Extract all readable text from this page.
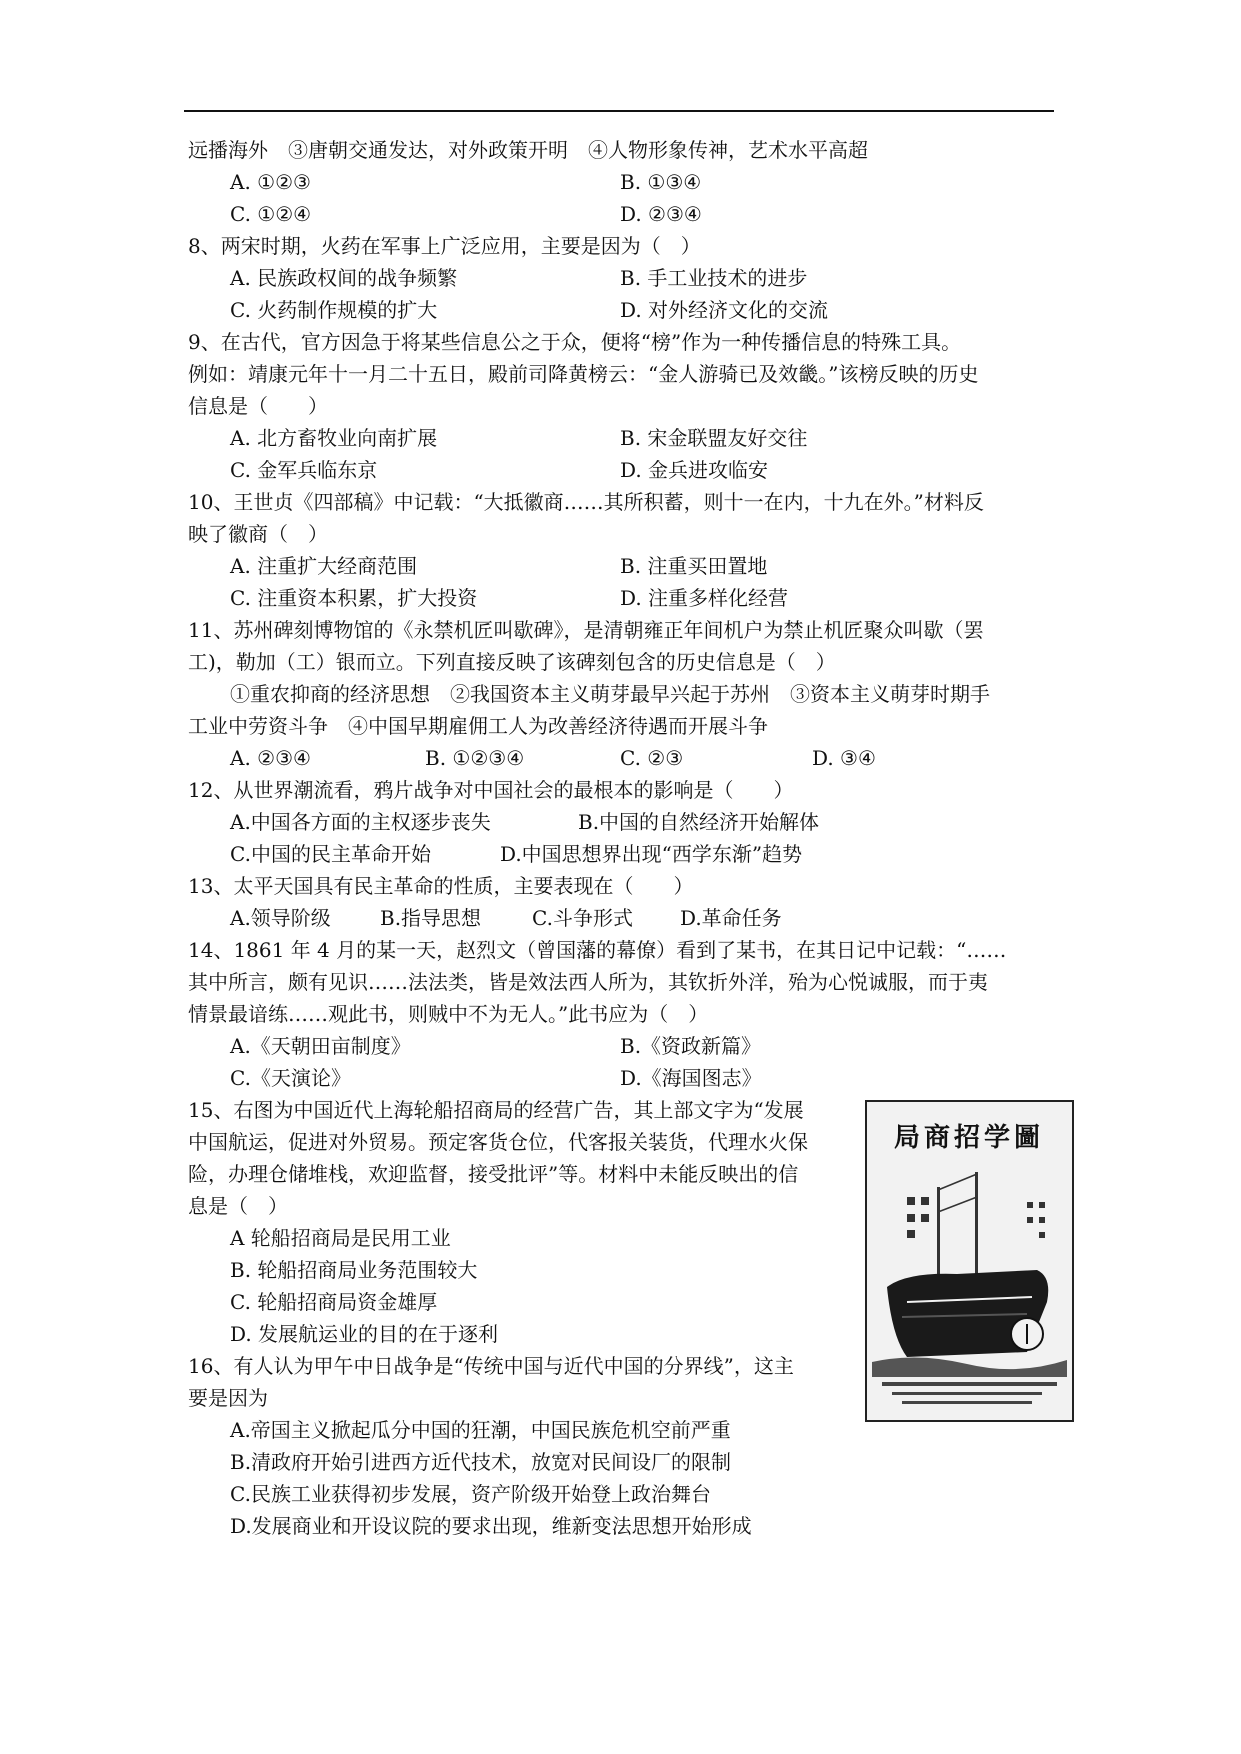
远播海外　③唐朝交通发达，对外政策开明　④人物形象传神，艺术水平高超
A. ①②③	B. ①③④
C. ①②④	D. ②③④
8、两宋时期，火药在军事上广泛应用，主要是因为（　）
A. 民族政权间的战争频繁	B. 手工业技术的进步
C. 火药制作规模的扩大	D. 对外经济文化的交流
9、在古代，官方因急于将某些信息公之于众，便将“榜”作为一种传播信息的特殊工具。
例如：靖康元年十一月二十五日，殿前司降黄榜云：“金人游骑已及效畿。”该榜反映的历史
信息是（　　）
A. 北方畜牧业向南扩展	B. 宋金联盟友好交往
C. 金军兵临东京	D. 金兵进攻临安
10、王世贞《四部稿》中记载：“大抵徽商……其所积蓄，则十一在内，十九在外。”材料反
映了徽商（　）
A. 注重扩大经商范围	B. 注重买田置地
C. 注重资本积累，扩大投资	D. 注重多样化经营
11、苏州碑刻博物馆的《永禁机匠叫歇碑》，是清朝雍正年间机户为禁止机匠聚众叫歇（罢
工)，勒加（工）银而立。下列直接反映了该碑刻包含的历史信息是（　）
①重农抑商的经济思想　②我国资本主义萌芽最早兴起于苏州　③资本主义萌芽时期手
工业中劳资斗争　④中国早期雇佣工人为改善经济待遇而开展斗争
A. ②③④	B. ①②③④	C. ②③	D. ③④
12、从世界潮流看，鸦片战争对中国社会的最根本的影响是（　　）
A.中国各方面的主权逐步丧失	B.中国的自然经济开始解体
C.中国的民主革命开始	D.中国思想界出现“西学东渐”趋势
13、太平天国具有民主革命的性质，主要表现在（　　）
A.领导阶级 B.指导思想	C.斗争形式 D.革命任务
14、1861 年 4 月的某一天，赵烈文（曾国藩的幕僚）看到了某书，在其日记中记载：“……
其中所言，颇有见识……法法类，皆是效法西人所为，其钦折外洋，殆为心悦诚服，而于夷
情景最谙练……观此书，则贼中不为无人。”此书应为（　）
A.《天朝田亩制度》	B.《资政新篇》
C.《天演论》	D.《海国图志》
15、右图为中国近代上海轮船招商局的经营广告，其上部文字为“发展
中国航运，促进对外贸易。预定客货仓位，代客报关装货，代理水火保
险，办理仓储堆栈，欢迎监督，接受批评”等。材料中未能反映出的信
息是（　）
A 轮船招商局是民用工业
B. 轮船招商局业务范围较大
C. 轮船招商局资金雄厚
D. 发展航运业的目的在于逐利
16、有人认为甲午中日战争是“传统中国与近代中国的分界线”，这主
要是因为
A.帝国主义掀起瓜分中国的狂潮，中国民族危机空前严重
B.清政府开始引进西方近代技术，放宽对民间设厂的限制
C.民族工业获得初步发展，资产阶级开始登上政治舞台
D.发展商业和开设议院的要求出现，维新变法思想开始形成
局商招学圖
